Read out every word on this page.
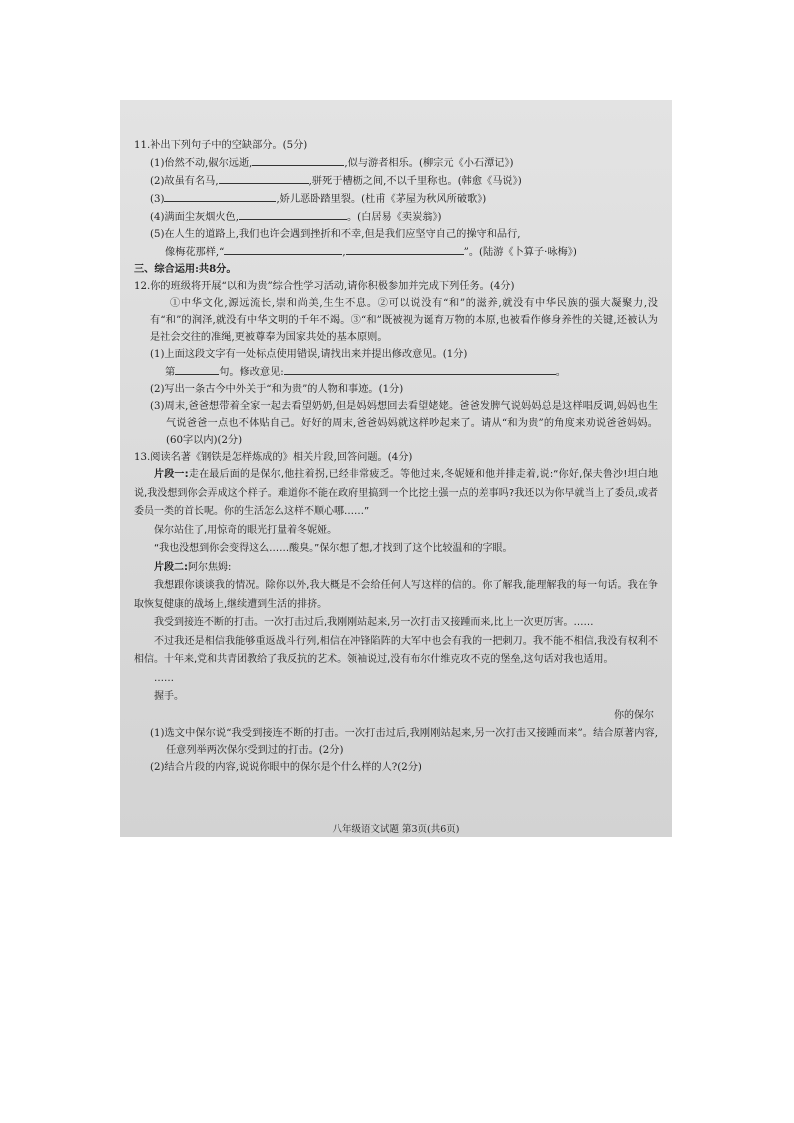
11.补出下列句子中的空缺部分。(5分)

(1)佁然不动,俶尔远逝,	,似与游者相乐。(柳宗元《小石潭记》)

(2)故虽有名马,	,骈死于槽枥之间,不以千里称也。(韩愈《马说》)

(3)	,娇儿恶卧踏里裂。(杜甫《茅屋为秋风所破歌》)

(4)满面尘灰烟火色,	。(白居易《卖炭翁》)

(5)在人生的道路上,我们也许会遇到挫折和不幸,但是我们应坚守自己的操守和品行,

像梅花那样,“	,	”。(陆游《卜算子·咏梅》)

三、综合运用:共8分。

12.你的班级将开展“以和为贵”综合性学习活动,请你积极参加并完成下列任务。(4分)

①中华文化,源远流长,崇和尚美,生生不息。②可以说没有“和”的滋养,就没有中华民族的强大凝聚力,没有“和”的润泽,就没有中华文明的千年不竭。③“和”既被视为诞育万物的本原,也被看作修身养性的关键,还被认为是社会交往的准绳,更被尊奉为国家共处的基本原则。

(1)上面这段文字有一处标点使用错误,请找出来并提出修改意见。(1分)

第	句。修改意见:	。

(2)写出一条古今中外关于“和为贵”的人物和事迹。(1分)

(3)周末,爸爸想带着全家一起去看望奶奶,但是妈妈想回去看望姥姥。爸爸发脾气说妈妈总是这样唱反调,妈妈也生气说爸爸一点也不体贴自己。好好的周末,爸爸妈妈就这样吵起来了。请从“和为贵”的角度来劝说爸爸妈妈。(60字以内)(2分)

13.阅读名著《钢铁是怎样炼成的》相关片段,回答问题。(4分)

片段一:走在最后面的是保尔,他拄着拐,已经非常疲乏。等他过来,冬妮娅和他并排走着,说:“你好,保夫鲁沙!坦白地说,我没想到你会弄成这个样子。难道你不能在政府里搞到一个比挖土强一点的差事吗?我还以为你早就当上了委员,或者委员一类的首长呢。你的生活怎么这样不顺心哪……”

保尔站住了,用惊奇的眼光打量着冬妮娅。

“我也没想到你会变得这么……酸臭。”保尔想了想,才找到了这个比较温和的字眼。

片段二:阿尔焦姆:

我想跟你谈谈我的情况。除你以外,我大概是不会给任何人写这样的信的。你了解我,能理解我的每一句话。我在争取恢复健康的战场上,继续遭到生活的排挤。

我受到接连不断的打击。一次打击过后,我刚刚站起来,另一次打击又接踵而来,比上一次更厉害。……

不过我还是相信我能够重返战斗行列,相信在冲锋陷阵的大军中也会有我的一把刺刀。我不能不相信,我没有权利不相信。十年来,党和共青团教给了我反抗的艺术。领袖说过,没有布尔什维克攻不克的堡垒,这句话对我也适用。

……

握手。

你的保尔

(1)选文中保尔说“我受到接连不断的打击。一次打击过后,我刚刚站起来,另一次打击又接踵而来”。结合原著内容,任意列举两次保尔受到过的打击。(2分)

(2)结合片段的内容,说说你眼中的保尔是个什么样的人?(2分)

八年级语文试题 第3页(共6页)
